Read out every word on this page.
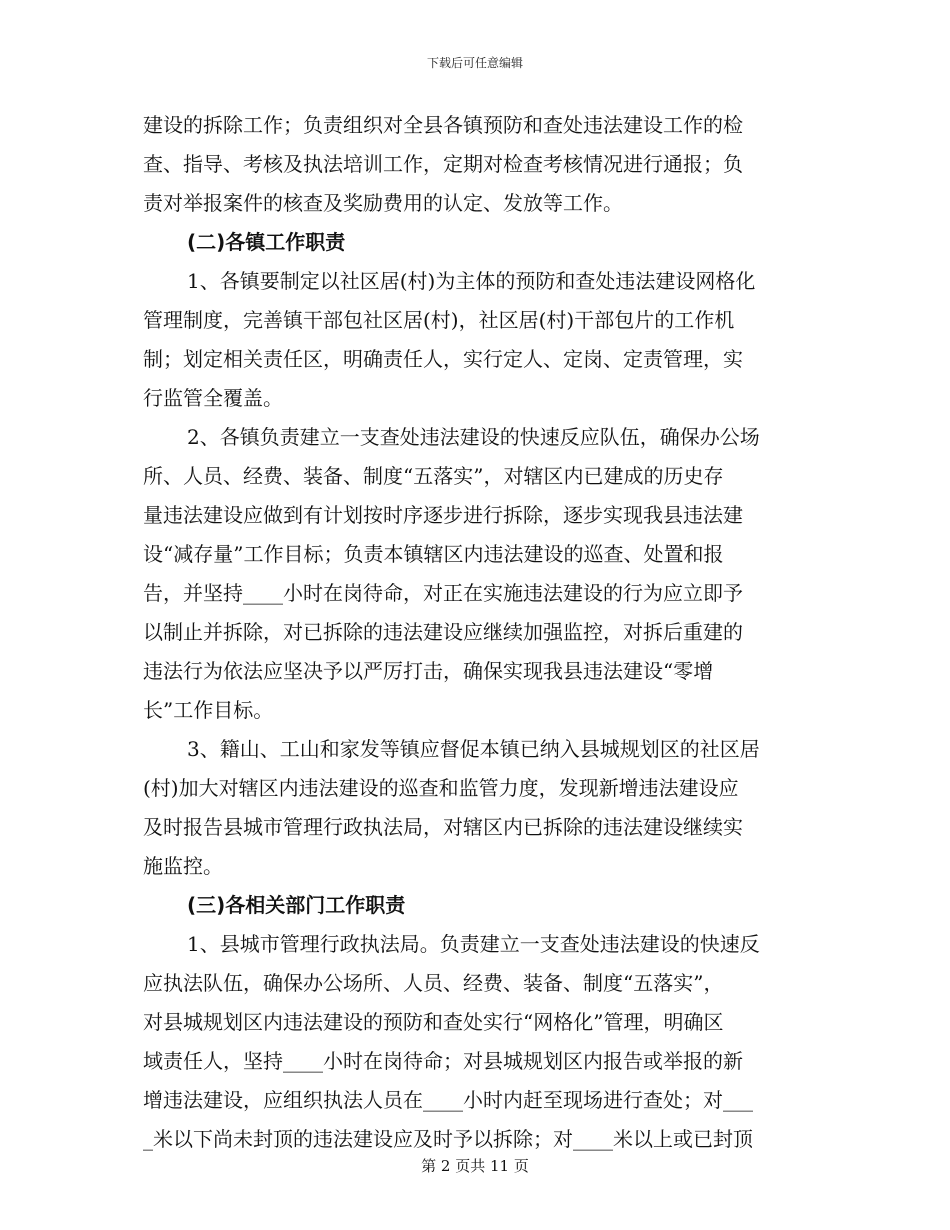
下载后可任意编辑
建设的拆除工作；负责组织对全县各镇预防和查处违法建设工作的检
查、指导、考核及执法培训工作，定期对检查考核情况进行通报；负
责对举报案件的核查及奖励费用的认定、发放等工作。
(二)各镇工作职责
1、各镇要制定以社区居(村)为主体的预防和查处违法建设网格化
管理制度，完善镇干部包社区居(村)，社区居(村)干部包片的工作机
制；划定相关责任区，明确责任人，实行定人、定岗、定责管理，实
行监管全覆盖。
2、各镇负责建立一支查处违法建设的快速反应队伍，确保办公场
所、人员、经费、装备、制度“五落实”，对辖区内已建成的历史存
量违法建设应做到有计划按时序逐步进行拆除，逐步实现我县违法建
设“减存量”工作目标；负责本镇辖区内违法建设的巡查、处置和报
告，并坚持____小时在岗待命，对正在实施违法建设的行为应立即予
以制止并拆除，对已拆除的违法建设应继续加强监控，对拆后重建的
违法行为依法应坚决予以严厉打击，确保实现我县违法建设“零增
长”工作目标。
3、籍山、工山和家发等镇应督促本镇已纳入县城规划区的社区居
(村)加大对辖区内违法建设的巡查和监管力度，发现新增违法建设应
及时报告县城市管理行政执法局，对辖区内已拆除的违法建设继续实
施监控。
(三)各相关部门工作职责
1、县城市管理行政执法局。负责建立一支查处违法建设的快速反
应执法队伍，确保办公场所、人员、经费、装备、制度“五落实”，
对县城规划区内违法建设的预防和查处实行“网格化”管理，明确区
域责任人，坚持____小时在岗待命；对县城规划区内报告或举报的新
增违法建设，应组织执法人员在____小时内赶至现场进行查处；对___
_米以下尚未封顶的违法建设应及时予以拆除；对____米以上或已封顶
第 2 页共 11 页
